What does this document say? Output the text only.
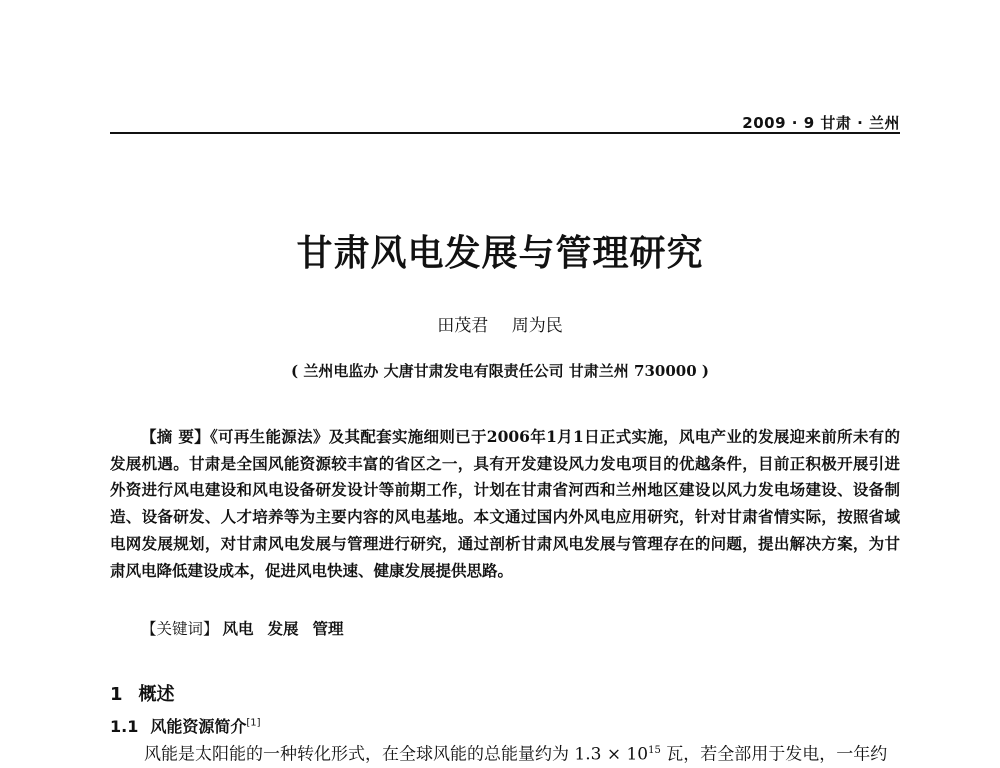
2009 · 9 甘肃 · 兰州
甘肃风电发展与管理研究
田茂君 周为民
( 兰州电监办 大唐甘肃发电有限责任公司 甘肃兰州 730000 )

【摘 要】《可再生能源法》及其配套实施细则已于2006年1月1日正式实施，风电产业的发展迎来前所未有的发展机遇。甘肃是全国风能资源较丰富的省区之一，具有开发建设风力发电项目的优越条件，目前正积极开展引进外资进行风电建设和风电设备研发设计等前期工作，计划在甘肃省河西和兰州地区建设以风力发电场建设、设备制造、设备研发、人才培养等为主要内容的风电基地。本文通过国内外风电应用研究，针对甘肃省情实际，按照省域电网发展规划，对甘肃风电发展与管理进行研究，通过剖析甘肃风电发展与管理存在的问题，提出解决方案，为甘肃风电降低建设成本，促进风电快速、健康发展提供思路。

【关键词】 风电 发展 管理

1 概述
1.1 风能资源简介[1]

风能是太阳能的一种转化形式，在全球风能的总能量约为 $1.3 \times 10^{15}$ 瓦，若全部用于发电，一年约
